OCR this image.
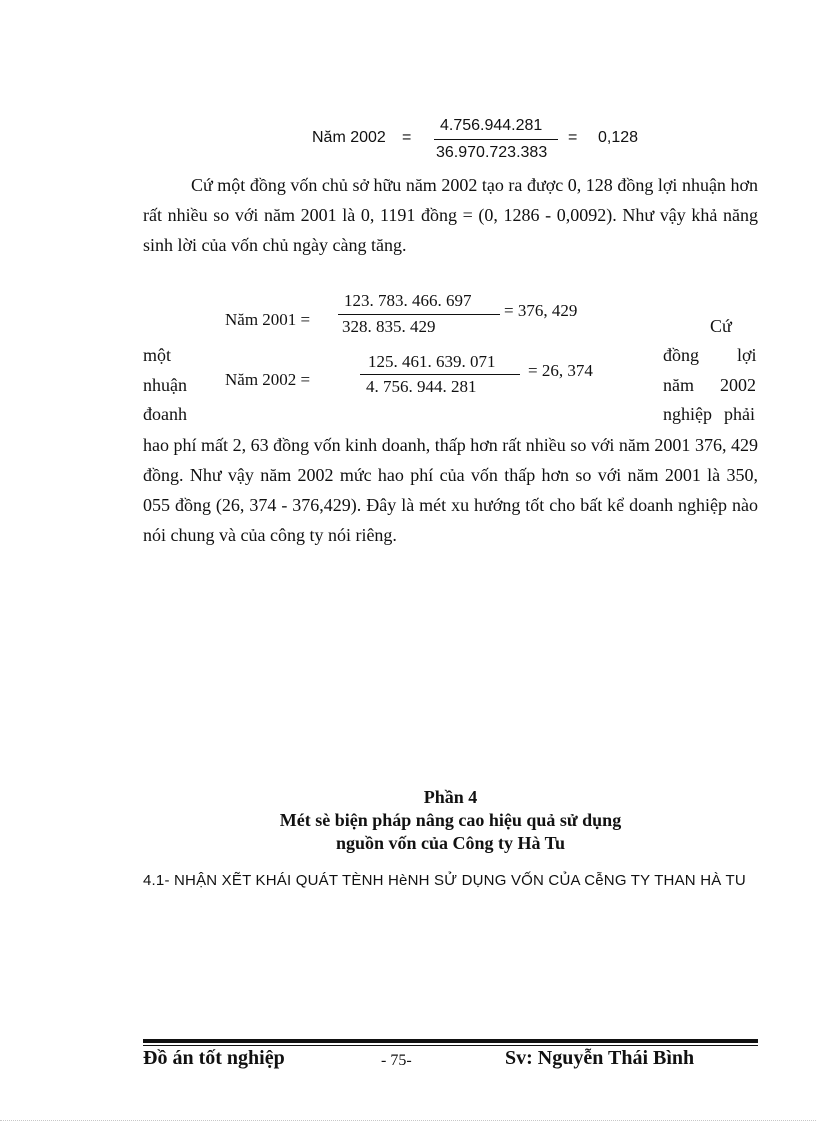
Năm 2002 =
4.756.944.281
36.970.723.383
= 0,128

Cứ một đồng vốn chủ sở hữu năm 2002 tạo ra được 0, 128 đồng lợi nhuận hơn rất nhiều so với năm 2001 là 0, 1191 đồng = (0, 1286 - 0,0092). Như vậy khả năng sinh lời của vốn chủ ngày càng tăng.

Năm 2001 =
123. 783. 466. 697
328. 835. 429
= 376, 429
Năm 2002 =
125. 461. 639. 071
4. 756. 944. 281
= 26, 374
Cứ
một	đồng lợi
nhuận	năm 2002
đoanh	nghiệp phải

hao phí mất 2, 63 đồng vốn kinh doanh, thấp hơn rất nhiều so với năm 2001 376, 429 đồng. Như vậy năm 2002 mức hao phí của vốn thấp hơn so với năm 2001 là 350, 055 đồng (26, 374 - 376,429). Đây là mét xu hướng tốt cho bất kể doanh nghiệp nào nói chung và của công ty nói riêng.

Phần 4
Mét sè biện pháp nâng cao hiệu quả sử dụng
nguồn vốn của Công ty Hà Tu
4.1- NHẬN XẼT KHÁI QUÁT TÈNH HèNH SỬ DỤNG VỐN CỦA CễNG TY THAN HÀ TU
Đồ án tốt nghiệp	- 75-	Sv: Nguyễn Thái Bình
